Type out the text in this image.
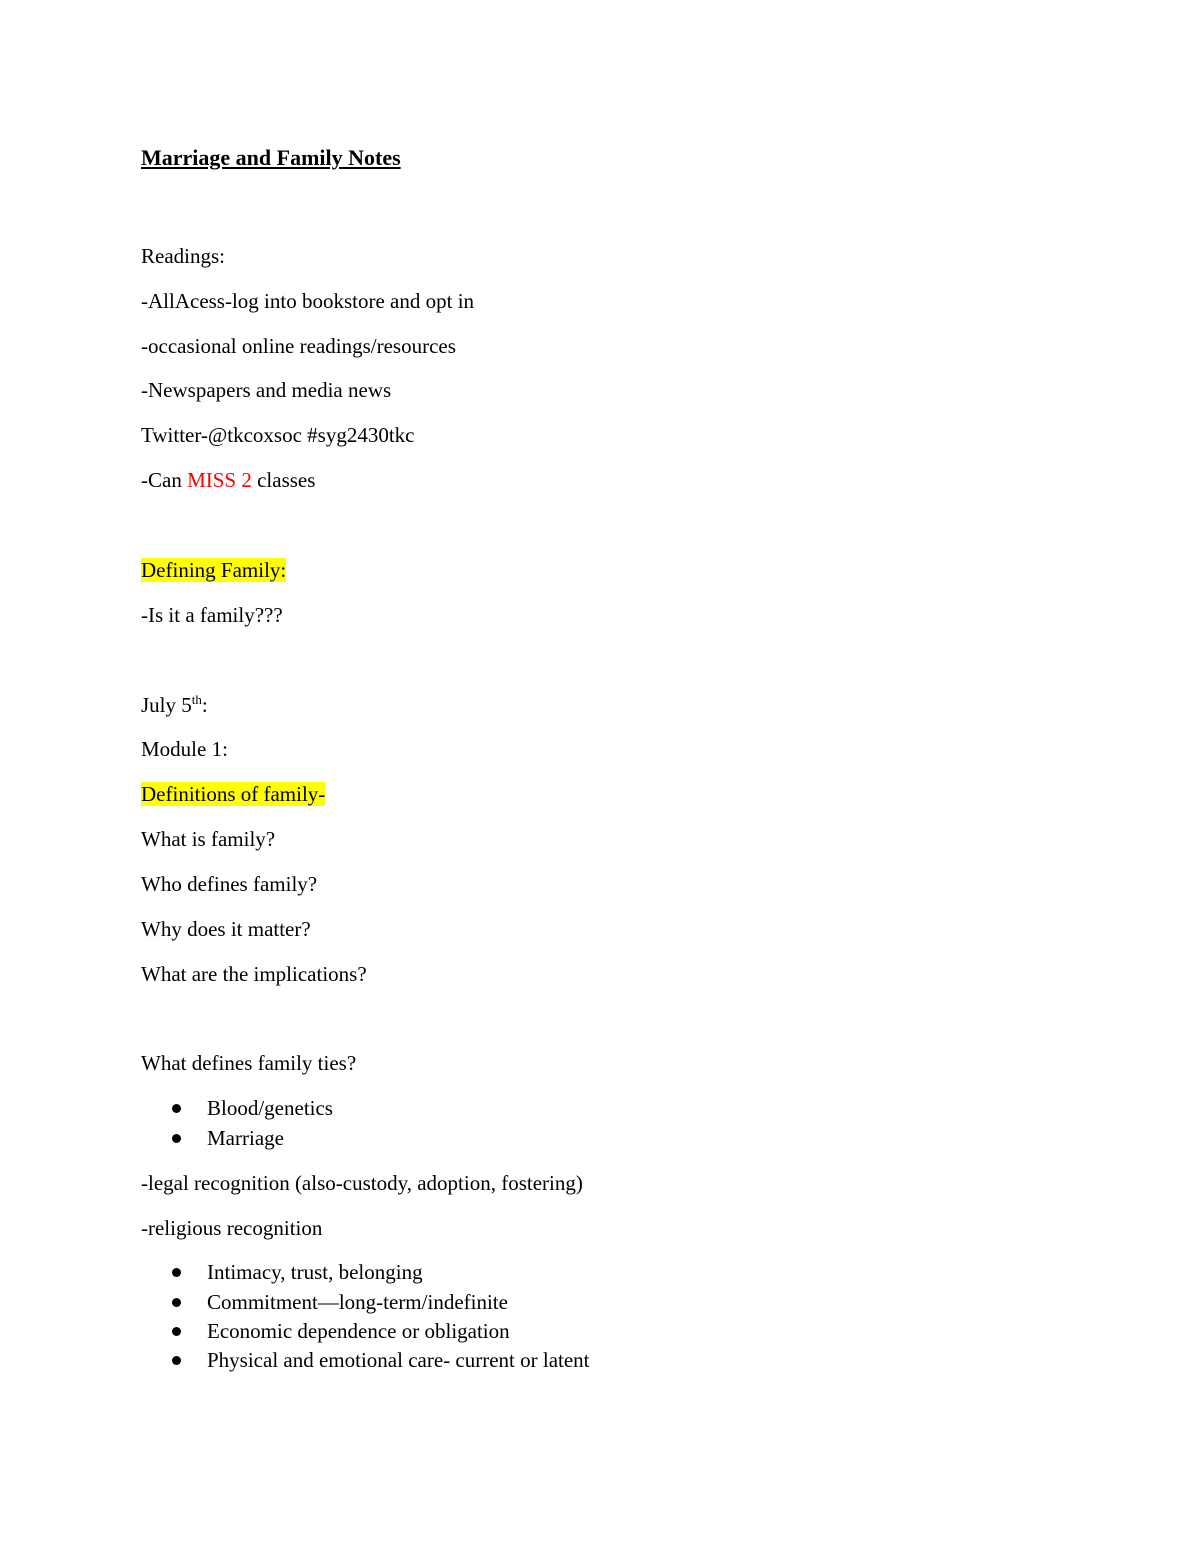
Marriage and Family Notes
Readings:
-AllAcess-log into bookstore and opt in
-occasional online readings/resources
-Newspapers and media news
Twitter-@tkcoxsoc #syg2430tkc
-Can MISS 2 classes
Defining Family:
-Is it a family???
July 5th:
Module 1:
Definitions of family-
What is family?
Who defines family?
Why does it matter?
What are the implications?
What defines family ties?
Blood/genetics
Marriage
-legal recognition (also-custody, adoption, fostering)
-religious recognition
Intimacy, trust, belonging
Commitment—long-term/indefinite
Economic dependence or obligation
Physical and emotional care- current or latent
